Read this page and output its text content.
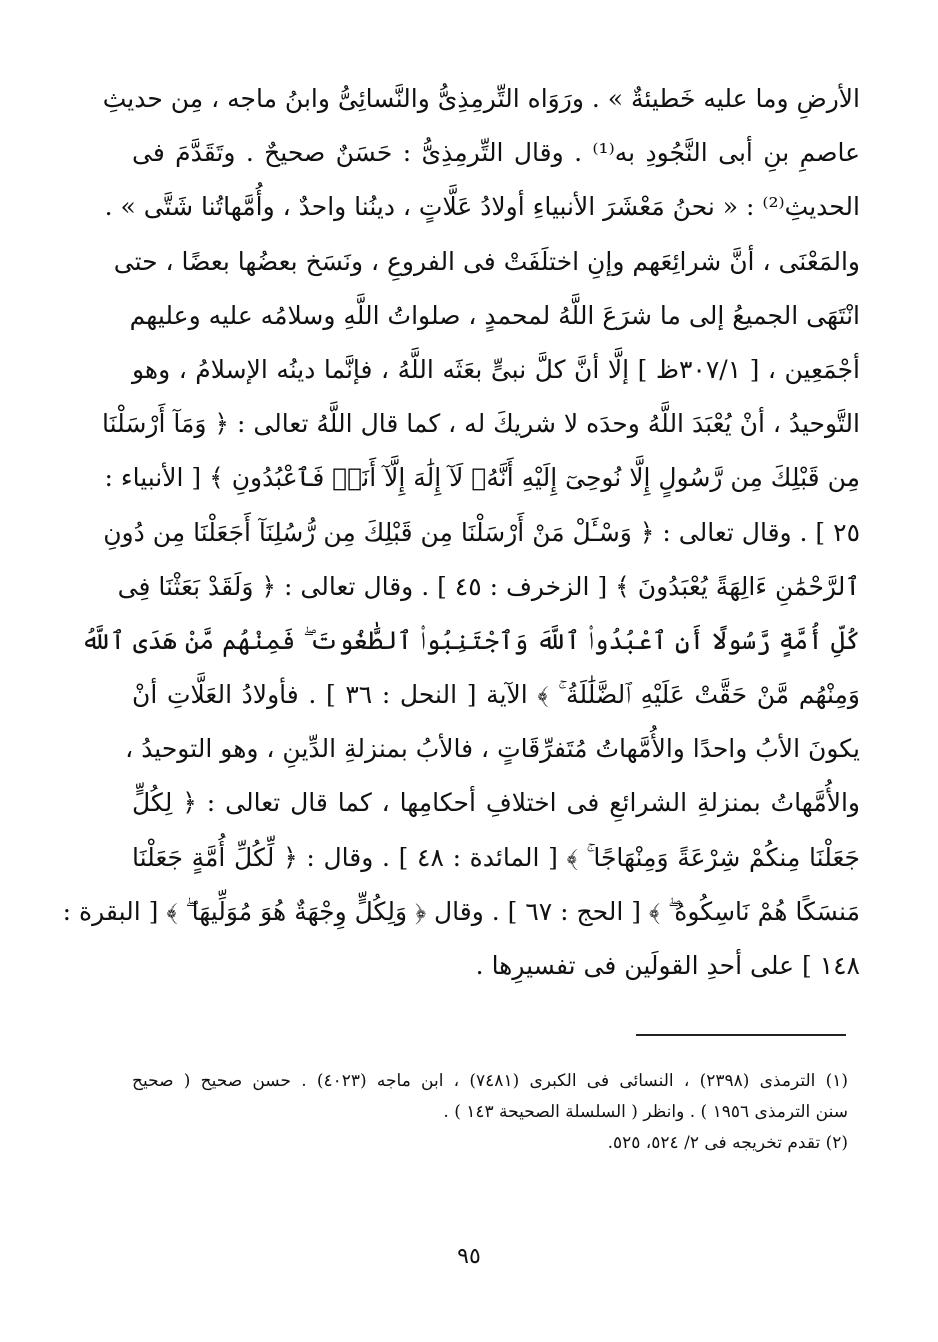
الأرضِ وما عليه خَطيئةٌ » . ورَوَاه التِّرمِذِىُّ والنَّسائِىُّ وابنُ ماجه ، مِن حديثِ
عاصمِ بنِ أبى النَّجُودِ به⁽¹⁾ . وقال التِّرمِذِىُّ : حَسَنٌ صحيحٌ . وتَقَدَّمَ فى
الحديثِ⁽²⁾ : « نحنُ مَعْشَرَ الأنبياءِ أولادُ عَلَّاتٍ ، دينُنا واحدٌ ، وأُمَّهاتُنا شَتَّى » .
والمَعْنَى ، أنَّ شرائِعَهم وإنِ اختلَفَتْ فى الفروعِ ، ونَسَخ بعضُها بعضًا ، حتى
انْتَهَى الجميعُ إلى ما شرَعَ اللَّهُ لمحمدٍ ، صلواتُ اللَّهِ وسلامُه عليه وعليهم
أجْمَعِين ، [ ٣٠٧/١ظ ] إلَّا أنَّ كلَّ نبىٍّ بعَثَه اللَّهُ ، فإنَّما دينُه الإسلامُ ، وهو
التَّوحيدُ ، أنْ يُعْبَدَ اللَّهُ وحدَه لا شريكَ له ، كما قال اللَّهُ تعالى : ﴿ وَمَآ أَرْسَلْنَا
مِن قَبْلِكَ مِن رَّسُولٍ إِلَّا نُوحِىٓ إِلَيْهِ أَنَّهُۥ لَآ إِلَٰهَ إِلَّآ أَنَا۠ فَٱعْبُدُونِ ﴾ [ الأنبياء :
٢٥ ] . وقال تعالى : ﴿ وَسْـَٔلْ مَنْ أَرْسَلْنَا مِن قَبْلِكَ مِن رُّسُلِنَآ أَجَعَلْنَا مِن دُونِ
ٱلرَّحْمَٰنِ ءَالِهَةً يُعْبَدُونَ ﴾ [ الزخرف : ٤٥ ] . وقال تعالى : ﴿ وَلَقَدْ بَعَثْنَا فِى
كُلِّ أُمَّةٍ رَّسُولًا أَنِ ٱعْبُدُوا۟ ٱللَّهَ وَٱجْتَنِبُوا۟ ٱلطَّٰغُوتَ ۖ فَمِنْهُم مَّنْ هَدَى ٱللَّهُ
وَمِنْهُم مَّنْ حَقَّتْ عَلَيْهِ ٱلضَّلَٰلَةُ ۚ ﴾ الآية [ النحل : ٣٦ ] . فأولادُ العَلَّاتِ أنْ
يكونَ الأبُ واحدًا والأُمَّهاتُ مُتَفرِّقَاتٍ ، فالأبُ بمنزلةِ الدِّينِ ، وهو التوحيدُ ،
والأُمَّهاتُ بمنزلةِ الشرائعِ فى اختلافِ أحكامِها ، كما قال تعالى : ﴿ لِكُلٍّ
جَعَلْنَا مِنكُمْ شِرْعَةً وَمِنْهَاجًا ۚ ﴾ [ المائدة : ٤٨ ] . وقال : ﴿ لِّكُلِّ أُمَّةٍ جَعَلْنَا
مَنسَكًا هُمْ نَاسِكُوهُ ۖ ﴾ [ الحج : ٦٧ ] . وقال ﴿ وَلِكُلٍّ وِجْهَةٌ هُوَ مُوَلِّيهَا ۖ ﴾ [ البقرة :
١٤٨ ] على أحدِ القولَين فى تفسيرِها .
(١) الترمذى (٢٣٩٨) ، النسائى فى الكبرى (٧٤٨١) ، ابن ماجه (٤٠٢٣) . حسن صحيح ( صحيح
سنن الترمذى ١٩٥٦ ) . وانظر ( السلسلة الصحيحة ١٤٣ ) .
(٢) تقدم تخريجه فى ٢/ ٥٢٤، ٥٢٥.
٩٥
